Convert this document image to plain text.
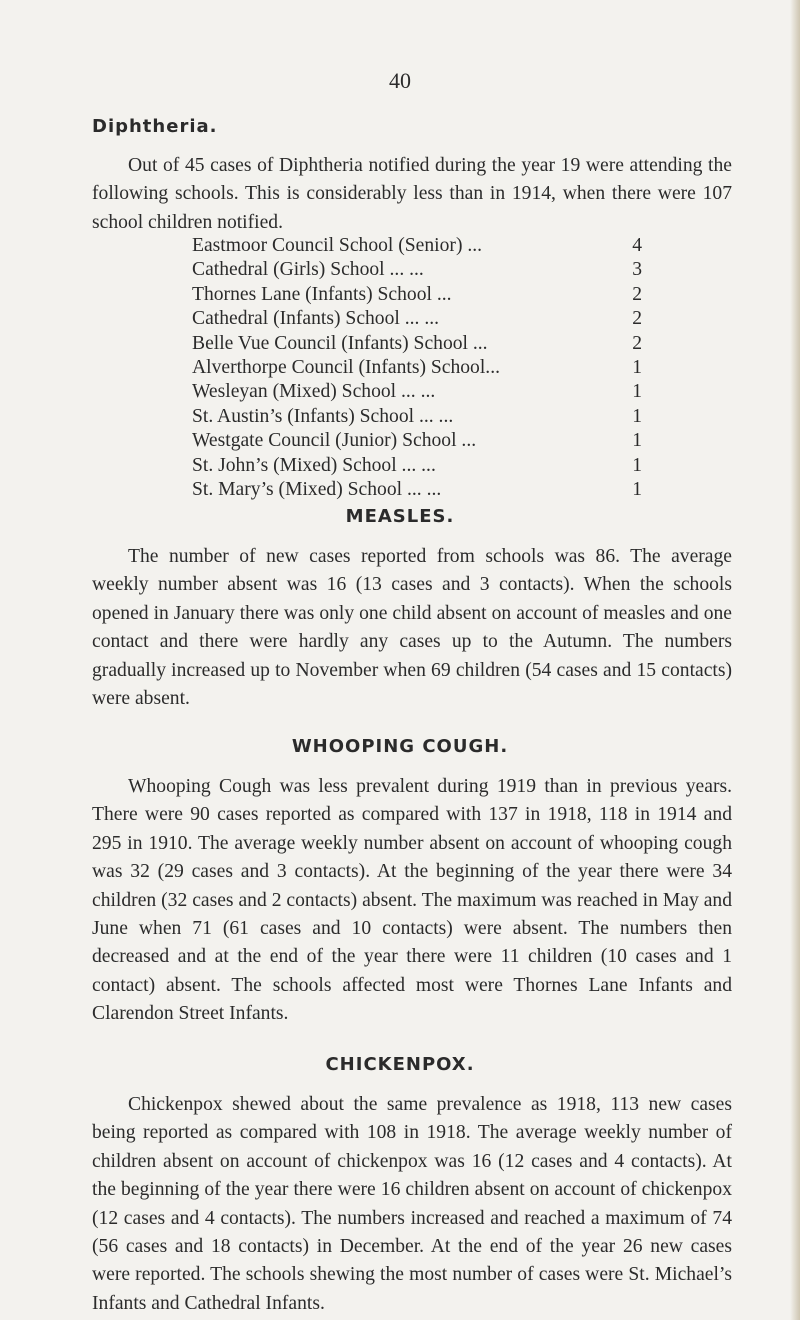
40
Diphtheria.

Out of 45 cases of Diphtheria notified during the year 19 were attending the following schools. This is considerably less than in 1914, when there were 107 school children notified.

Eastmoor Council School (Senior) ...	4
Cathedral (Girls) School ... ...	3
Thornes Lane (Infants) School ...	2
Cathedral (Infants) School ... ...	2
Belle Vue Council (Infants) School ...	2
Alverthorpe Council (Infants) School...	1
Wesleyan (Mixed) School ... ...	1
St. Austin’s (Infants) School ... ...	1
Westgate Council (Junior) School ...	1
St. John’s (Mixed) School ... ...	1
St. Mary’s (Mixed) School ... ...	1
MEASLES.

The number of new cases reported from schools was 86. The average weekly number absent was 16 (13 cases and 3 contacts). When the schools opened in January there was only one child absent on account of measles and one contact and there were hardly any cases up to the Autumn. The numbers gradually increased up to November when 69 children (54 cases and 15 contacts) were absent.

WHOOPING COUGH.

Whooping Cough was less prevalent during 1919 than in previous years. There were 90 cases reported as compared with 137 in 1918, 118 in 1914 and 295 in 1910. The average weekly number absent on account of whooping cough was 32 (29 cases and 3 contacts). At the beginning of the year there were 34 children (32 cases and 2 contacts) absent. The maximum was reached in May and June when 71 (61 cases and 10 contacts) were absent. The numbers then decreased and at the end of the year there were 11 children (10 cases and 1 contact) absent. The schools affected most were Thornes Lane Infants and Clarendon Street Infants.

CHICKENPOX.

Chickenpox shewed about the same prevalence as 1918, 113 new cases being reported as compared with 108 in 1918. The average weekly number of children absent on account of chickenpox was 16 (12 cases and 4 contacts). At the beginning of the year there were 16 children absent on account of chickenpox (12 cases and 4 contacts). The numbers increased and reached a maximum of 74 (56 cases and 18 contacts) in December. At the end of the year 26 new cases were reported. The schools shewing the most number of cases were St. Michael’s Infants and Cathedral Infants.
